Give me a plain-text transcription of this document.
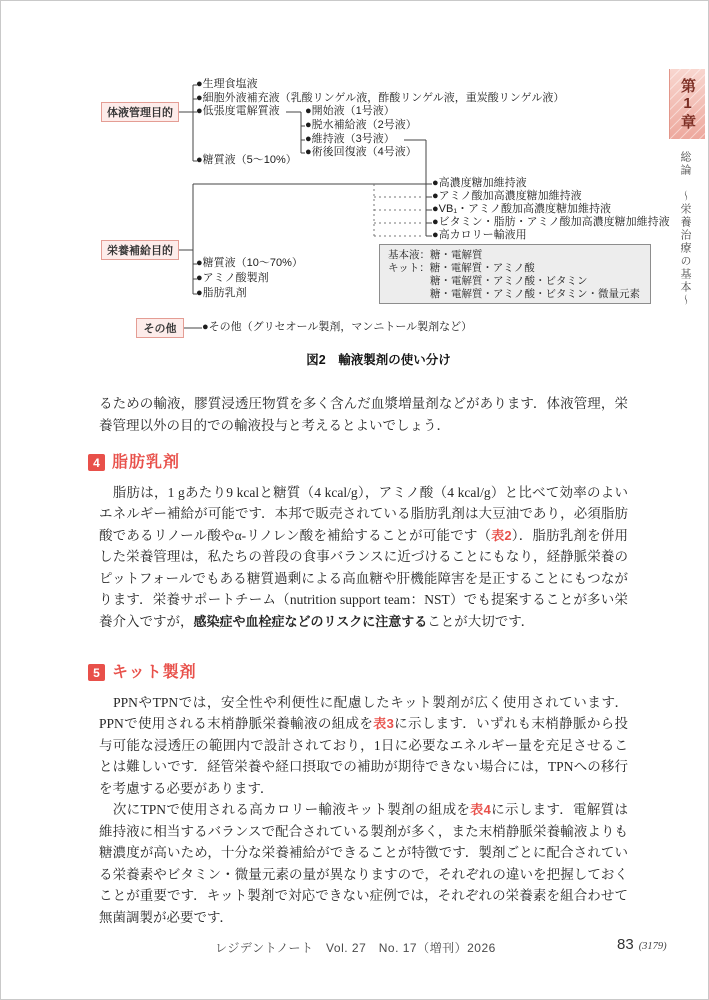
第1章
総論　～栄養治療の基本～
体液管理目的
●生理食塩液
●細胞外液補充液（乳酸リンゲル液，酢酸リンゲル液，重炭酸リンゲル液）
●低張度電解質液
●糖質液（5～10%）
●開始液（1号液）
●脱水補給液（2号液）
●維持液（3号液）
●術後回復液（4号液）
●高濃度糖加維持液
●アミノ酸加高濃度糖加維持液
●VB₁・アミノ酸加高濃度糖加維持液
●ビタミン・脂肪・アミノ酸加高濃度糖加維持液
●高カロリー輸液用
栄養補給目的
●糖質液（10～70%）
●アミノ酸製剤
●脂肪乳剤
基本液：糖・電解質
キット：糖・電解質・アミノ酸
糖・電解質・アミノ酸・ビタミン
糖・電解質・アミノ酸・ビタミン・微量元素
その他	●その他（グリセオール製剤，マンニトール製剤など）
図2　輸液製剤の使い分け

るための輸液，膠質浸透圧物質を多く含んだ血漿増量剤などがあります．体液管理，栄養管理以外の目的での輸液投与と考えるとよいでしょう．

4 脂肪乳剤

　脂肪は，1 gあたり9 kcalと糖質（4 kcal/g），アミノ酸（4 kcal/g）と比べて効率のよいエネルギー補給が可能です．本邦で販売されている脂肪乳剤は大豆油であり，必須脂肪酸であるリノール酸やα-リノレン酸を補給することが可能です（表2）．脂肪乳剤を併用した栄養管理は，私たちの普段の食事バランスに近づけることにもなり，経静脈栄養のピットフォールでもある糖質過剰による高血糖や肝機能障害を是正することにもつながります．栄養サポートチーム（nutrition support team：NST）でも提案することが多い栄養介入ですが，感染症や血栓症などのリスクに注意することが大切です．

5 キット製剤

　PPNやTPNでは，安全性や利便性に配慮したキット製剤が広く使用されています．PPNで使用される末梢静脈栄養輸液の組成を表3に示します．いずれも末梢静脈から投与可能な浸透圧の範囲内で設計されており，1日に必要なエネルギー量を充足させることは難しいです．経管栄養や経口摂取での補助が期待できない場合には，TPNへの移行を考慮する必要があります．

　次にTPNで使用される高カロリー輸液キット製剤の組成を表4に示します．電解質は維持液に相当するバランスで配合されている製剤が多く，また末梢静脈栄養輸液よりも糖濃度が高いため，十分な栄養補給ができることが特徴です．製剤ごとに配合されている栄養素やビタミン・微量元素の量が異なりますので，それぞれの違いを把握しておくことが重要です．キット製剤で対応できない症例では，それぞれの栄養素を組合わせて無菌調製が必要です．

レジデントノート　Vol. 27　No. 17（増刊）2026	83 (3179)
